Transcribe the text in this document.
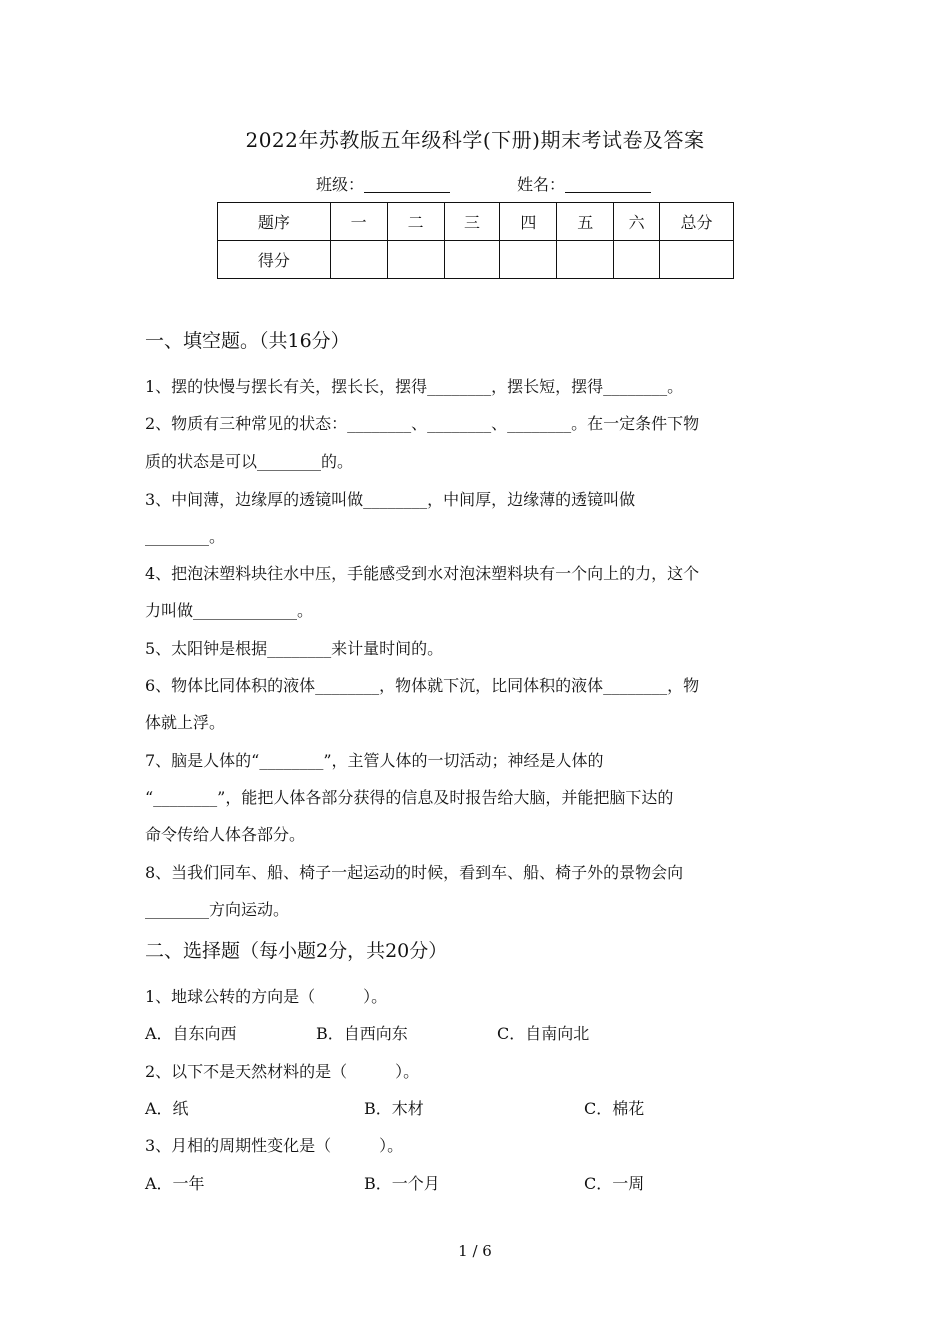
2022年苏教版五年级科学(下册)期末考试卷及答案
班级：	姓名：
题序	一	二	三	四	五	六	总分
得分							
一、填空题。（共16分）
1、摆的快慢与摆长有关，摆长长，摆得________，摆长短，摆得________。
2、物质有三种常见的状态：________、________、________。在一定条件下物
质的状态是可以________的。
3、中间薄，边缘厚的透镜叫做________，中间厚，边缘薄的透镜叫做
________。
4、把泡沫塑料块往水中压，手能感受到水对泡沫塑料块有一个向上的力，这个
力叫做_____________。
5、太阳钟是根据________来计量时间的。
6、物体比同体积的液体________，物体就下沉，比同体积的液体________，物
体就上浮。
7、脑是人体的“________”，主管人体的一切活动；神经是人体的
“________”，能把人体各部分获得的信息及时报告给大脑，并能把脑下达的
命令传给人体各部分。
8、当我们同车、船、椅子一起运动的时候，看到车、船、椅子外的景物会向
________方向运动。
二、选择题（每小题2分，共20分）
1、地球公转的方向是（　　　）。
A．自东向西	B．自西向东	C．自南向北
2、以下不是天然材料的是（　　　）。
A．纸	B．木材	C．棉花
3、月相的周期性变化是（　　　）。
A．一年	B．一个月	C．一周
1 / 6
